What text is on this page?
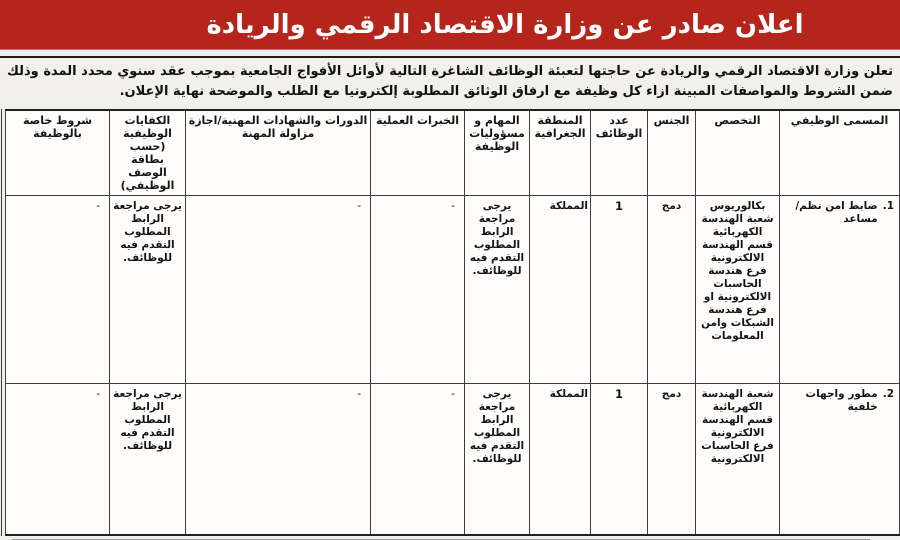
اعلان صادر عن وزارة الاقتصاد الرقمي والريادة

تعلن وزارة الاقتصاد الرقمي والريادة عن حاجتها لتعبئة الوظائف الشاغرة التالية لأوائل الأفواج الجامعية بموجب عقد سنوي محدد المدة وذلك ضمن الشروط والمواصفات المبينة ازاء كل وظيفة مع ارفاق الوثائق المطلوبة إلكترونيا مع الطلب والموضحة نهاية الإعلان.

المسمى الوظيفي	التخصص	الجنس	عدد الوظائف	المنطقة الجغرافية	المهام و مسؤوليات الوظيفة	الخبرات العملية	الدورات والشهادات المهنية/اجازة مزاولة المهنة	الكفايات الوظيفية (حسب بطاقة الوصف الوظيفي)	شروط خاصة بالوظيفة

1.
ضابط امن نظم/مساعد	بكالوريوس شعبة الهندسة الكهربائية قسم الهندسة الالكترونية فرع هندسة الحاسبات الالكترونية او فرع هندسة الشبكات وامن المعلومات	دمج	1	المملكة	يرجى مراجعة الرابط المطلوب التقدم فيه للوظائف.	-	-	يرجى مراجعة الرابط المطلوب التقدم فيه للوظائف.	-

2.
مطور واجهات خلفية	شعبة الهندسة الكهربائية قسم الهندسة الالكترونية فرع الحاسبات الالكترونية	دمج	1	المملكة	يرجى مراجعة الرابط المطلوب التقدم فيه للوظائف.	-	-	يرجى مراجعة الرابط المطلوب التقدم فيه للوظائف.	-
